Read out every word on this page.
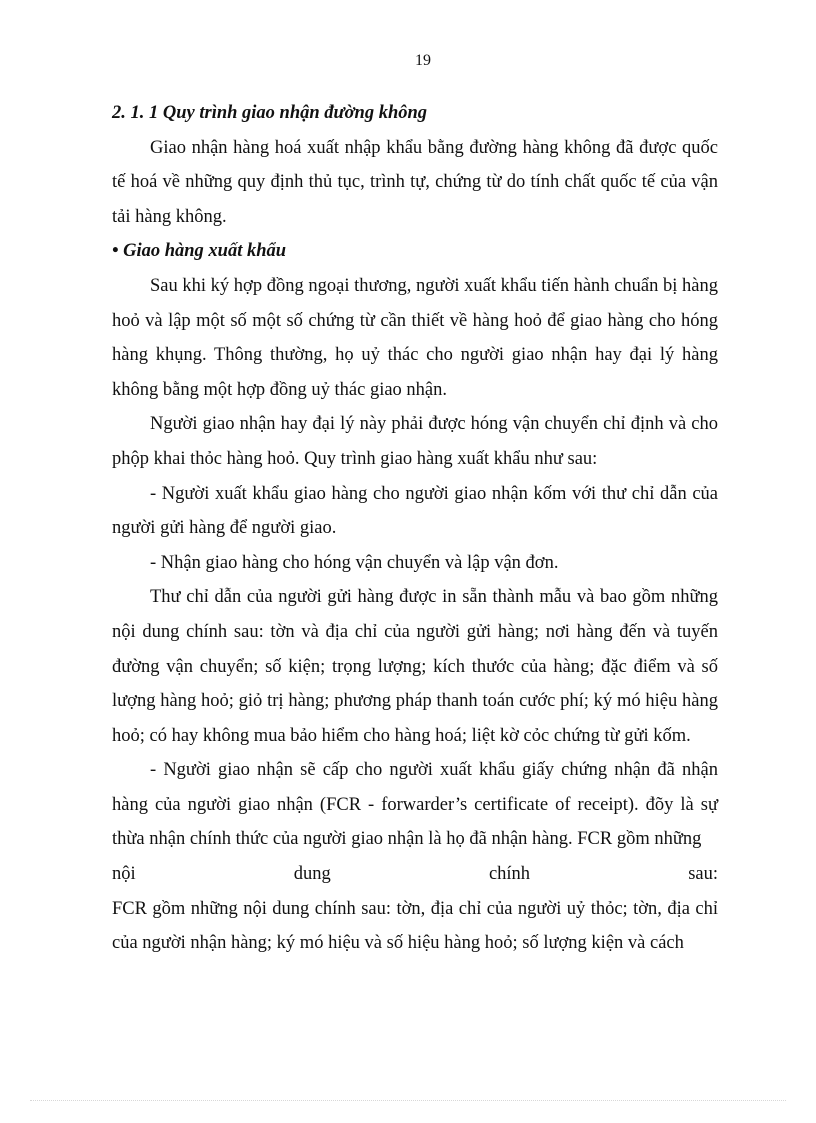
19

2. 1. 1 Quy trình giao nhận đường không

Giao nhận hàng hoá xuất nhập khẩu bằng đường hàng không đã được quốc tế hoá về những quy định thủ tục, trình tự, chứng từ do tính chất quốc tế của vận tải hàng không.

• Giao hàng xuất khẩu

Sau khi ký hợp đồng ngoại thương, người xuất khẩu tiến hành chuẩn bị hàng hoỏ và lập một số một số chứng từ cần thiết về hàng hoỏ để giao hàng cho hóng hàng khụng. Thông thường, họ uỷ thác cho người giao nhận hay đại lý hàng không bằng một hợp đồng uỷ thác giao nhận.

Người giao nhận hay đại lý này phải được hóng vận chuyển chỉ định và cho phộp khai thỏc hàng hoỏ. Quy trình giao hàng xuất khẩu như sau:

- Người xuất khẩu giao hàng cho người giao nhận kốm với thư chỉ dẫn của người gửi hàng để người giao.

- Nhận giao hàng cho hóng vận chuyển và lập vận đơn.

Thư chỉ dẫn của người gửi hàng được in sẵn thành mẫu và bao gồm những nội dung chính sau: tờn và địa chỉ của người gửi hàng; nơi hàng đến và tuyến đường vận chuyển; số kiện; trọng lượng; kích thước của hàng; đặc điểm và số lượng hàng hoỏ; giỏ trị hàng; phương pháp thanh toán cước phí; ký mó hiệu hàng hoỏ; có hay không mua bảo hiểm cho hàng hoá; liệt kờ cỏc chứng từ gửi kốm.

- Người giao nhận sẽ cấp cho người xuất khẩu giấy chứng nhận đã nhận hàng của người giao nhận (FCR - forwarder’s certificate of receipt). đõy là sự thừa nhận chính thức của người giao nhận là họ đã nhận hàng. FCR gồm những

nội dung chính sau:

FCR gồm những nội dung chính sau: tờn, địa chỉ của người uỷ thỏc; tờn, địa chỉ của người nhận hàng; ký mó hiệu và số hiệu hàng hoỏ; số lượng kiện và cách
